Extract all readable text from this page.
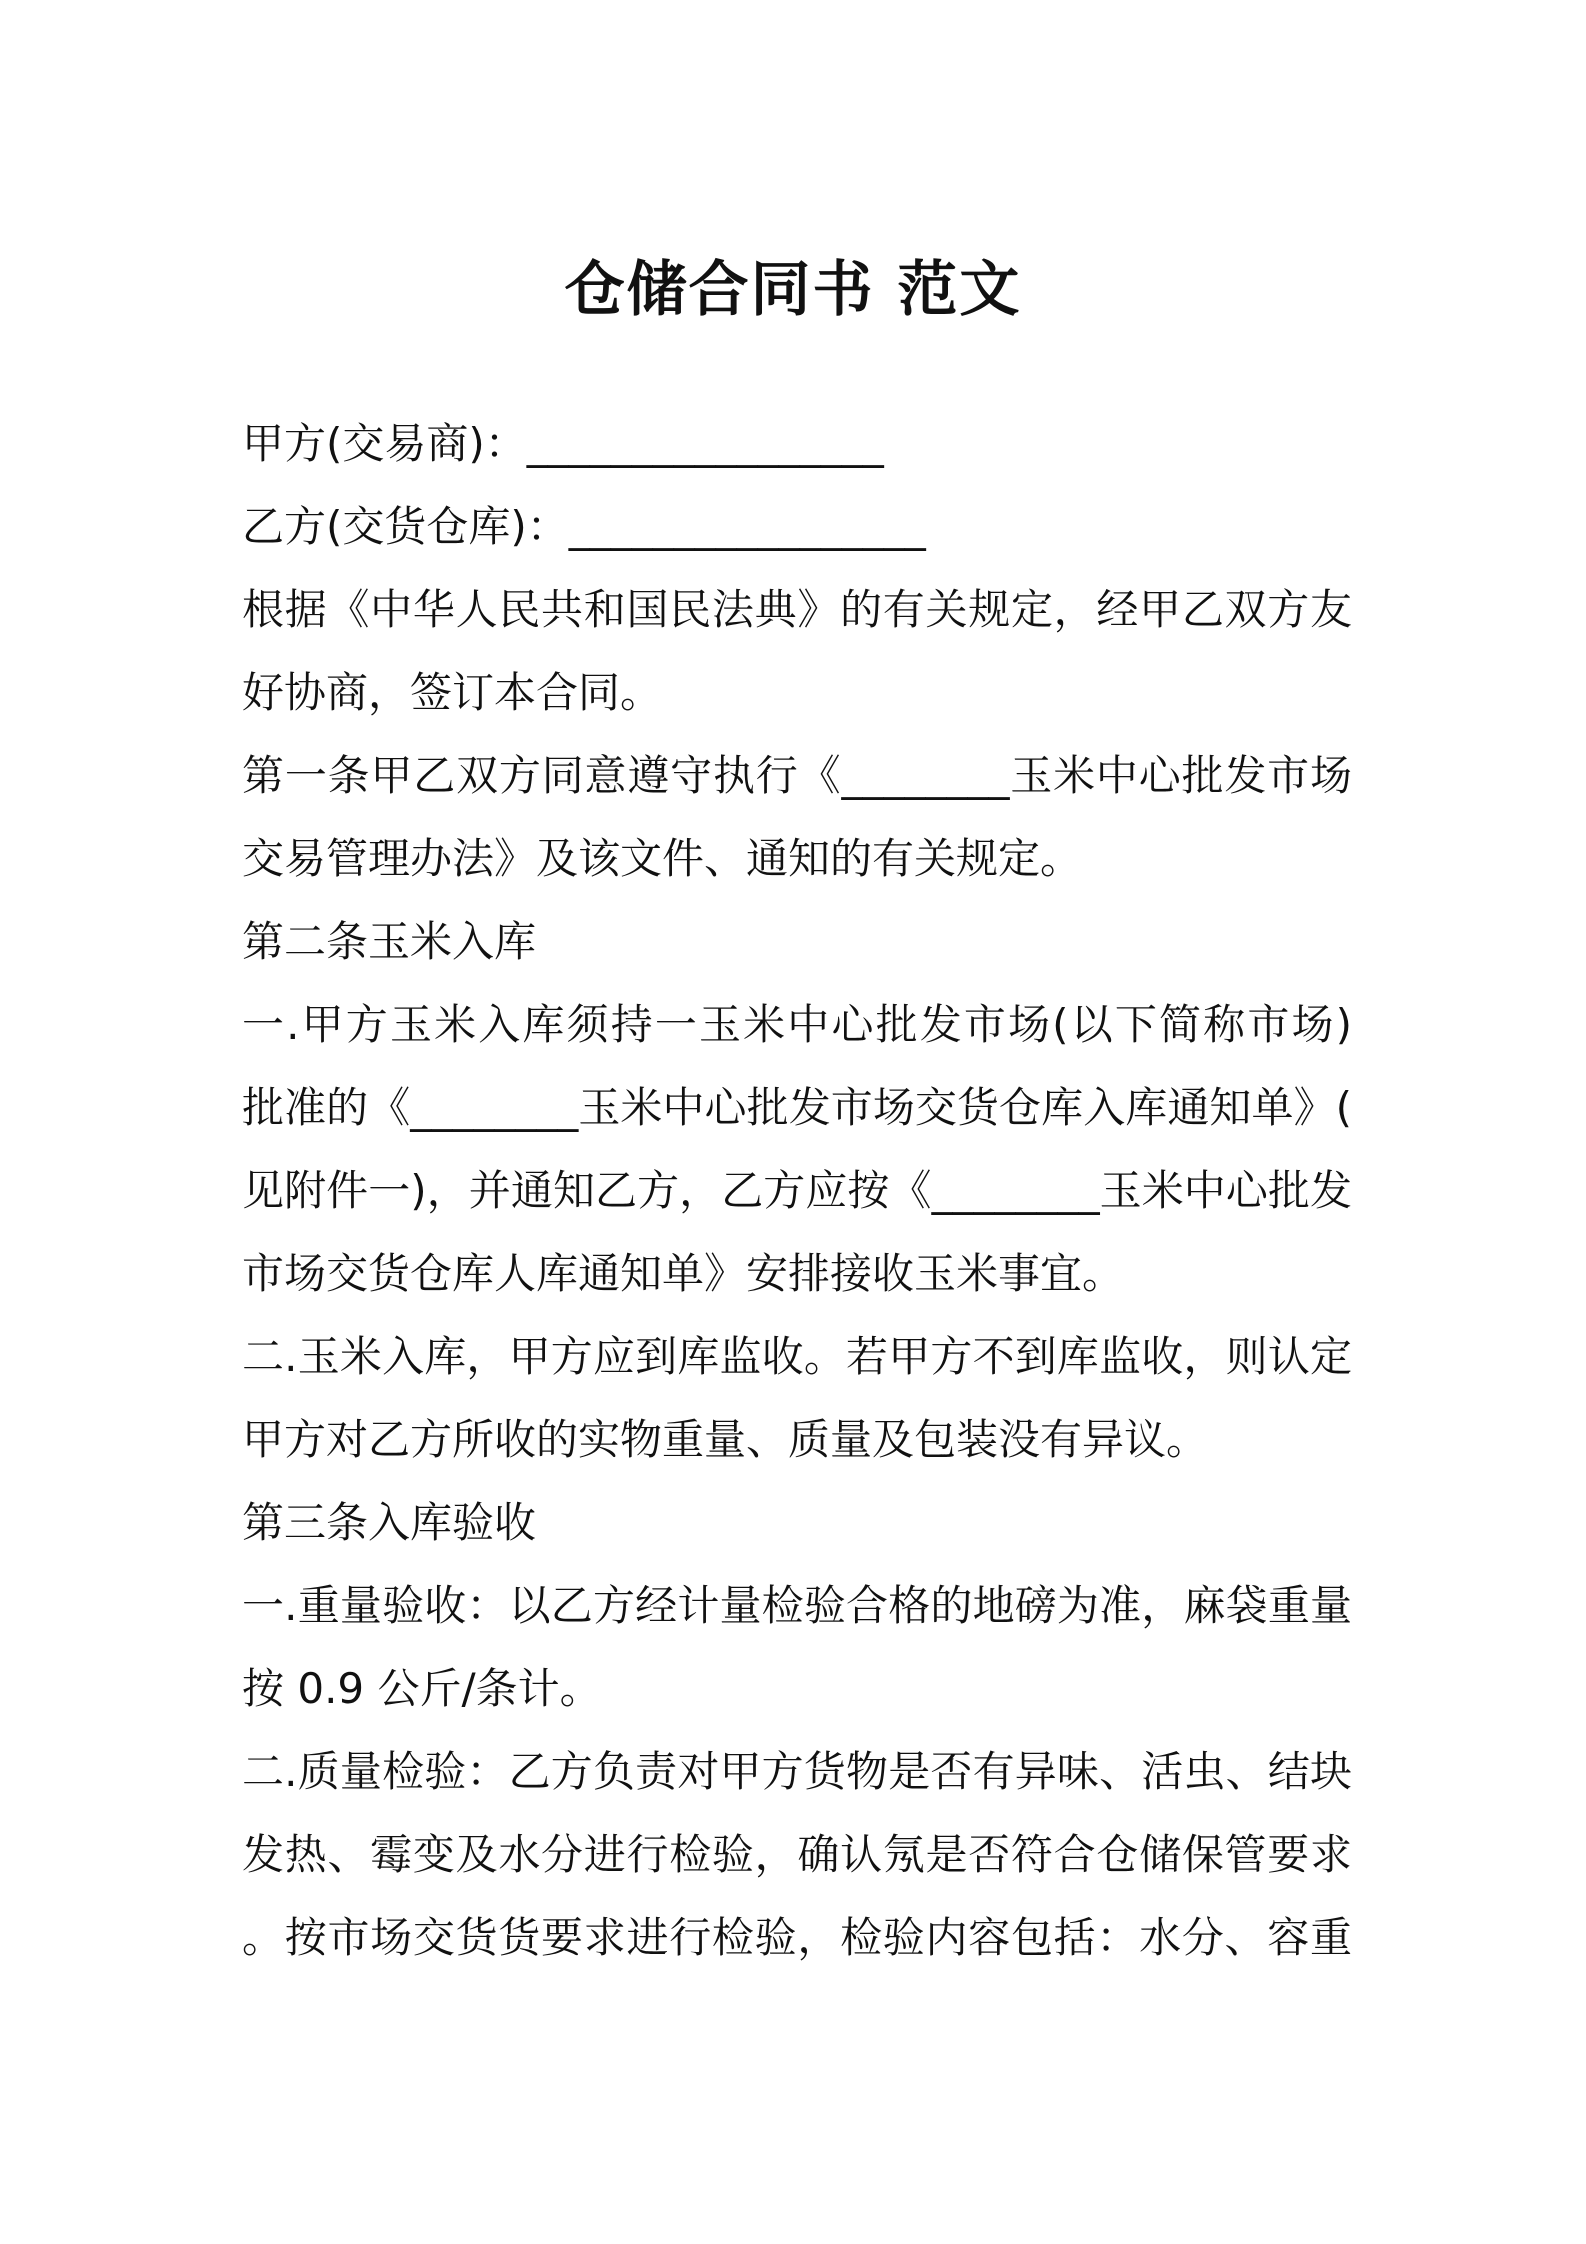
仓储合同书 范文
甲方(交易商)：_________________
乙方(交货仓库)：_________________
根据《中华人民共和国民法典》的有关规定，经甲乙双方友
好协商，签订本合同。
第一条甲乙双方同意遵守执行《________玉米中心批发市场
交易管理办法》及该文件、通知的有关规定。
第二条玉米入库
一.甲方玉米入库须持一玉米中心批发市场(以下简称市场)
批准的《________玉米中心批发市场交货仓库入库通知单》(
见附件一)，并通知乙方，乙方应按《________玉米中心批发
市场交货仓库人库通知单》安排接收玉米事宜。
二.玉米入库，甲方应到库监收。若甲方不到库监收，则认定
甲方对乙方所收的实物重量、质量及包装没有异议。
第三条入库验收
一.重量验收：以乙方经计量检验合格的地磅为准，麻袋重量
按 0.9 公斤/条计。
二.质量检验：乙方负责对甲方货物是否有异味、活虫、结块
发热、霉变及水分进行检验，确认氖是否符合仓储保管要求
。按市场交货货要求进行检验，检验内容包括：水分、容重
